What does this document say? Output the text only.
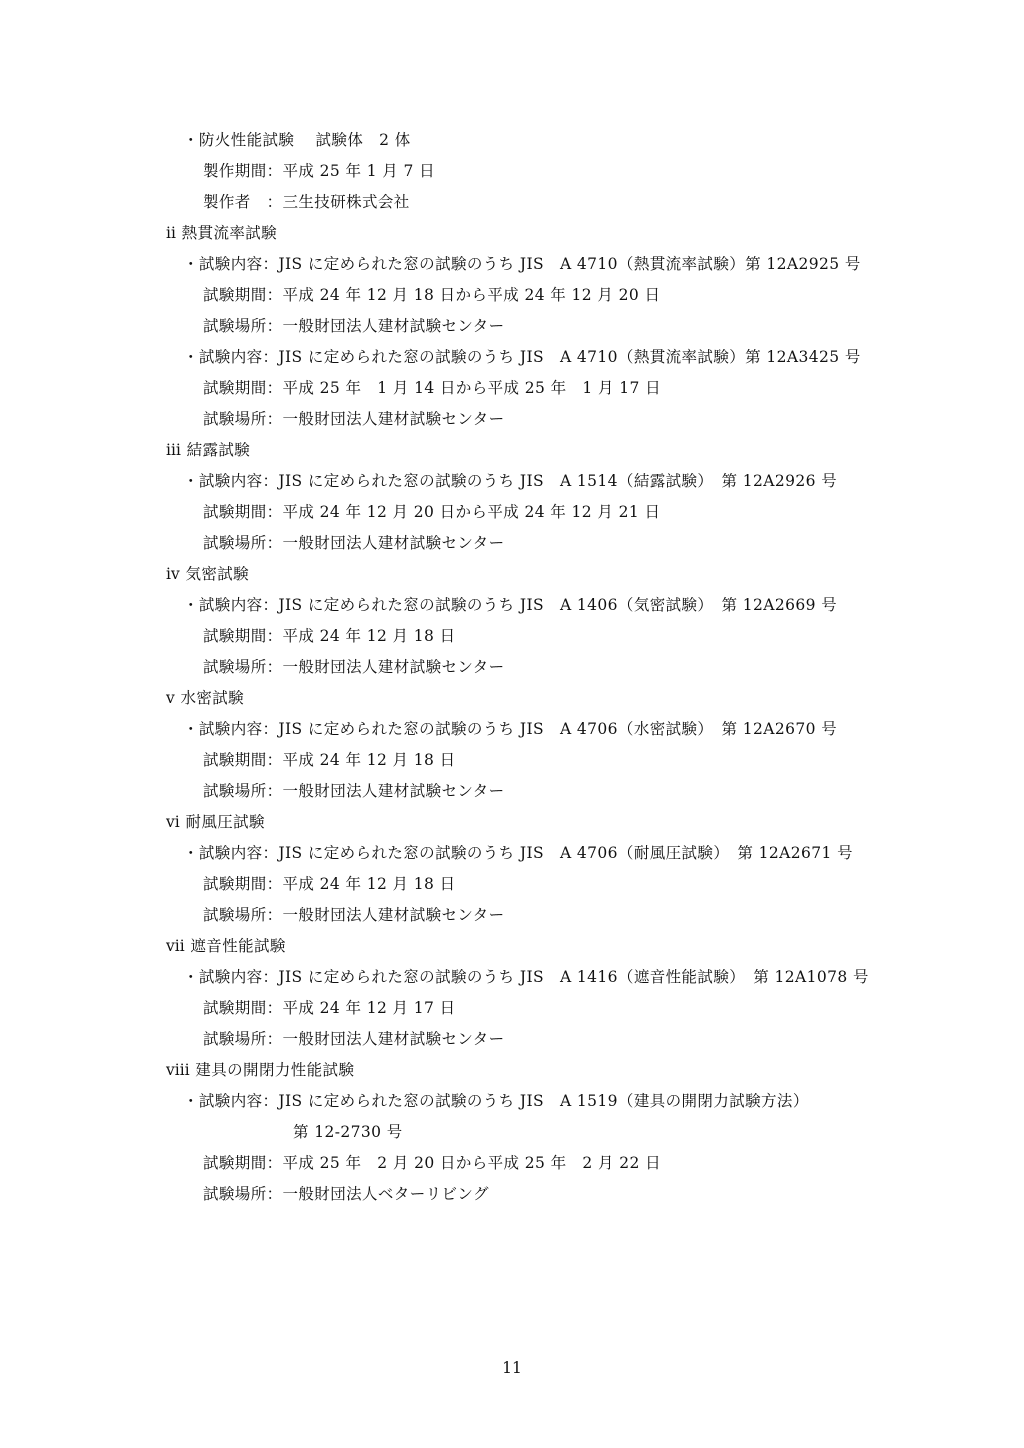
・防火性能試験　 試験体　2 体
製作期間：平成 25 年 1 月 7 日
製作者　：三生技研株式会社
ⅱ 熱貫流率試験
・試験内容：JIS に定められた窓の試験のうち JIS　A 4710（熱貫流率試験）第 12A2925 号
試験期間：平成 24 年 12 月 18 日から平成 24 年 12 月 20 日
試験場所：一般財団法人建材試験センター
・試験内容：JIS に定められた窓の試験のうち JIS　A 4710（熱貫流率試験）第 12A3425 号
試験期間：平成 25 年　1 月 14 日から平成 25 年　1 月 17 日
試験場所：一般財団法人建材試験センター
ⅲ 結露試験
・試験内容：JIS に定められた窓の試験のうち JIS　A 1514（結露試験）　第 12A2926 号
試験期間：平成 24 年 12 月 20 日から平成 24 年 12 月 21 日
試験場所：一般財団法人建材試験センター
ⅳ 気密試験
・試験内容：JIS に定められた窓の試験のうち JIS　A 1406（気密試験）　第 12A2669 号
試験期間：平成 24 年 12 月 18 日
試験場所：一般財団法人建材試験センター
ⅴ 水密試験
・試験内容：JIS に定められた窓の試験のうち JIS　A 4706（水密試験）　第 12A2670 号
試験期間：平成 24 年 12 月 18 日
試験場所：一般財団法人建材試験センター
ⅵ 耐風圧試験
・試験内容：JIS に定められた窓の試験のうち JIS　A 4706（耐風圧試験）　第 12A2671 号
試験期間：平成 24 年 12 月 18 日
試験場所：一般財団法人建材試験センター
ⅶ 遮音性能試験
・試験内容：JIS に定められた窓の試験のうち JIS　A 1416（遮音性能試験）　第 12A1078 号
試験期間：平成 24 年 12 月 17 日
試験場所：一般財団法人建材試験センター
ⅷ 建具の開閉力性能試験
・試験内容：JIS に定められた窓の試験のうち JIS　A 1519（建具の開閉力試験方法）
第 12-2730 号
試験期間：平成 25 年　2 月 20 日から平成 25 年　2 月 22 日
試験場所：一般財団法人ベターリビング
11
